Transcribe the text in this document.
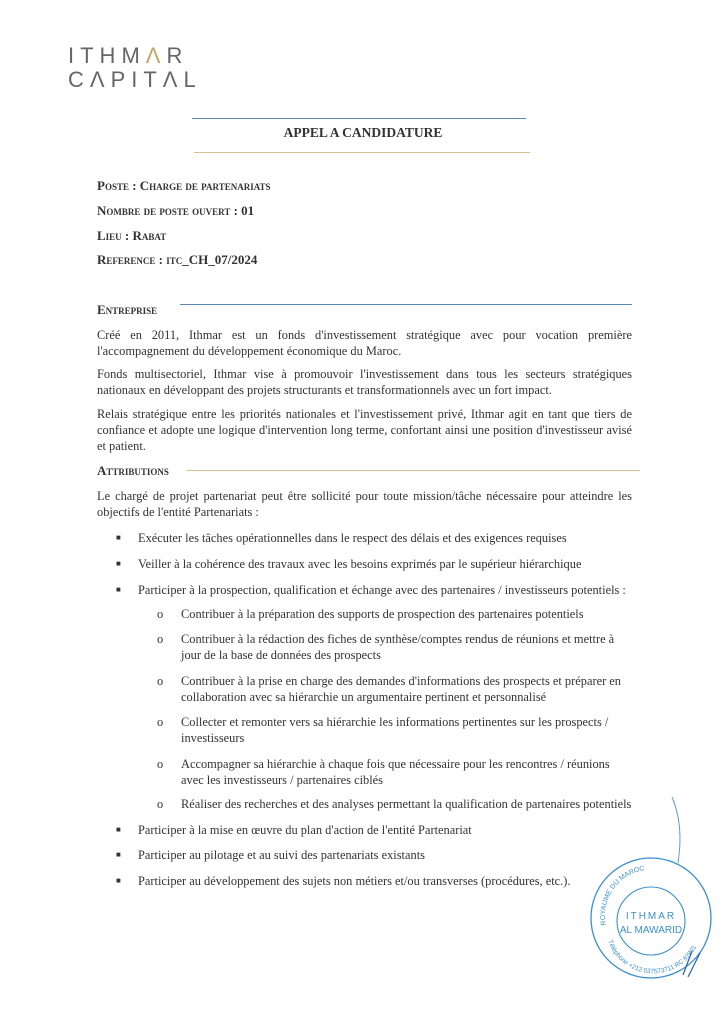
ITHMΛR
CΛPITΛL
APPEL A CANDIDATURE
Poste : Charge de partenariats
Nombre de poste ouvert : 01
Lieu : Rabat
Reference : itc_CH_07/2024
Entreprise
Créé en 2011, Ithmar est un fonds d'investissement stratégique avec pour vocation première l'accompagnement du développement économique du Maroc.
Fonds multisectoriel, Ithmar vise à promouvoir l'investissement dans tous les secteurs stratégiques nationaux en développant des projets structurants et transformationnels avec un fort impact.
Relais stratégique entre les priorités nationales et l'investissement privé, Ithmar agit en tant que tiers de confiance et adopte une logique d'intervention long terme, confortant ainsi une position d'investisseur avisé et patient.
Attributions
Le chargé de projet partenariat peut être sollicité pour toute mission/tâche nécessaire pour atteindre les objectifs de l'entité Partenariats :
■ Exécuter les tâches opérationnelles dans le respect des délais et des exigences requises
■ Veiller à la cohérence des travaux avec les besoins exprimés par le supérieur hiérarchique
■ Participer à la prospection, qualification et échange avec des partenaires / investisseurs potentiels :
o Contribuer à la préparation des supports de prospection des partenaires potentiels
o Contribuer à la rédaction des fiches de synthèse/comptes rendus de réunions et mettre à jour de la base de données des prospects
o Contribuer à la prise en charge des demandes d'informations des prospects et préparer en collaboration avec sa hiérarchie un argumentaire pertinent et personnalisé
o Collecter et remonter vers sa hiérarchie les informations pertinentes sur les prospects / investisseurs
o Accompagner sa hiérarchie à chaque fois que nécessaire pour les rencontres / réunions avec les investisseurs / partenaires ciblés
o Réaliser des recherches et des analyses permettant la qualification de partenaires potentiels
■ Participer à la mise en œuvre du plan d'action de l'entité Partenariat
■ Participer au pilotage et au suivi des partenariats existants
■ Participer au développement des sujets non métiers et/ou transverses (procédures, etc.).
ROYAUME DU MAROC
Téléphone +212 537573711 RC 87891
ITHMAR
AL MAWARID
